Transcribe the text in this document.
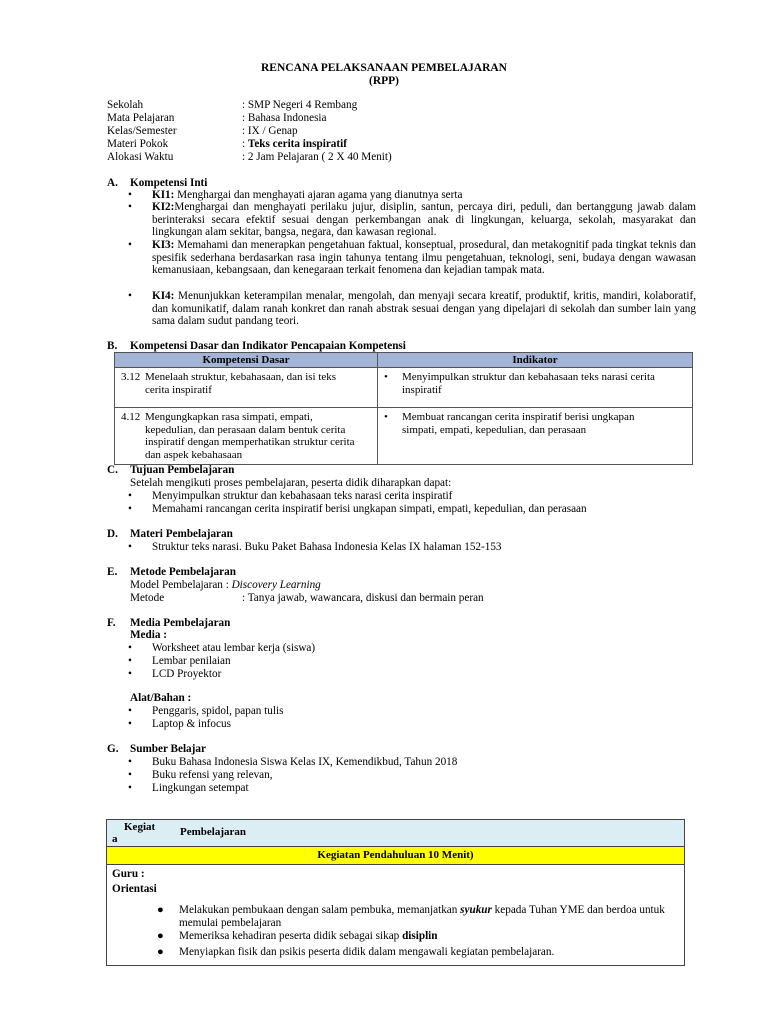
RENCANA PELAKSANAAN PEMBELAJARAN
(RPP)
Sekolah	: SMP Negeri 4 Rembang
Mata Pelajaran	: Bahasa Indonesia
Kelas/Semester	: IX / Genap
Materi Pokok	: Teks cerita inspiratif
Alokasi Waktu	: 2 Jam Pelajaran ( 2 X 40 Menit)
A. Kompetensi Inti
• KI1: Menghargai dan menghayati ajaran agama yang dianutnya serta
• KI2:Menghargai dan menghayati perilaku jujur, disiplin, santun, percaya diri, peduli, dan bertanggung jawab dalam berinteraksi secara efektif sesuai dengan perkembangan anak di lingkungan, keluarga, sekolah, masyarakat dan lingkungan alam sekitar, bangsa, negara, dan kawasan regional.
• KI3: Memahami dan menerapkan pengetahuan faktual, konseptual, prosedural, dan metakognitif pada tingkat teknis dan spesifik sederhana berdasarkan rasa ingin tahunya tentang ilmu pengetahuan, teknologi, seni, budaya dengan wawasan kemanusiaan, kebangsaan, dan kenegaraan terkait fenomena dan kejadian tampak mata.
• KI4: Menunjukkan keterampilan menalar, mengolah, dan menyaji secara kreatif, produktif, kritis, mandiri, kolaboratif, dan komunikatif, dalam ranah konkret dan ranah abstrak sesuai dengan yang dipelajari di sekolah dan sumber lain yang sama dalam sudut pandang teori.
B. Kompetensi Dasar dan Indikator Pencapaian Kompetensi
Kompetensi Dasar	Indikator
3.12 Menelaah struktur, kebahasaan, dan isi teks cerita inspiratif	• Menyimpulkan struktur dan kebahasaan teks narasi cerita inspiratif
4.12 Mengungkapkan rasa simpati, empati, kepedulian, dan perasaan dalam bentuk cerita inspiratif dengan memperhatikan struktur cerita dan aspek kebahasaan	• Membuat rancangan cerita inspiratif berisi ungkapan simpati, empati, kepedulian, dan perasaan
C. Tujuan Pembelajaran
Setelah mengikuti proses pembelajaran, peserta didik diharapkan dapat:
• Menyimpulkan struktur dan kebahasaan teks narasi cerita inspiratif
• Memahami rancangan cerita inspiratif berisi ungkapan simpati, empati, kepedulian, dan perasaan
D. Materi Pembelajaran
• Struktur teks narasi. Buku Paket Bahasa Indonesia Kelas IX halaman 152-153
E. Metode Pembelajaran
Model Pembelajaran : Discovery Learning
Metode	: Tanya jawab, wawancara, diskusi dan bermain peran
F. Media Pembelajaran
Media :
• Worksheet atau lembar kerja (siswa)
• Lembar penilaian
• LCD Proyektor
Alat/Bahan :
• Penggaris, spidol, papan tulis
• Laptop & infocus
G. Sumber Belajar
• Buku Bahasa Indonesia Siswa Kelas IX, Kemendikbud, Tahun 2018
• Buku refensi yang relevan,
• Lingkungan setempat
Kegiat
a
Pembelajaran
Kegiatan Pendahuluan 10 Menit)
Guru :
Orientasi
● Melakukan pembukaan dengan salam pembuka, memanjatkan syukur kepada Tuhan YME dan berdoa untuk memulai pembelajaran
● Memeriksa kehadiran peserta didik sebagai sikap disiplin
● Menyiapkan fisik dan psikis peserta didik dalam mengawali kegiatan pembelajaran.
